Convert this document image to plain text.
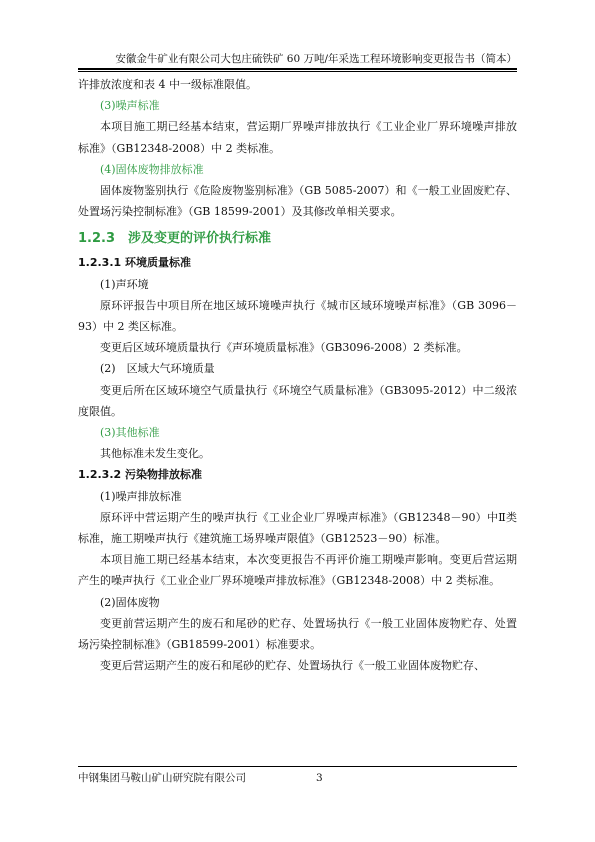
安徽金牛矿业有限公司大包庄硫铁矿 60 万吨/年采选工程环境影响变更报告书（简本）

许排放浓度和表 4 中一级标准限值。

(3)噪声标准

本项目施工期已经基本结束，营运期厂界噪声排放执行《工业企业厂界环境噪声排放标准》（GB12348-2008）中 2 类标准。

(4)固体废物排放标准

固体废物鉴别执行《危险废物鉴别标准》（GB 5085-2007）和《一般工业固废贮存、处置场污染控制标准》（GB 18599-2001）及其修改单相关要求。

1.2.3　涉及变更的评价执行标准
1.2.3.1 环境质量标准

(1)声环境

原环评报告中项目所在地区域环境噪声执行《城市区域环境噪声标准》（GB 3096－93）中 2 类区标准。

变更后区域环境质量执行《声环境质量标准》（GB3096-2008）2 类标准。

(2)　区域大气环境质量

变更后所在区域环境空气质量执行《环境空气质量标准》（GB3095-2012）中二级浓度限值。

(3)其他标准

其他标准未发生变化。

1.2.3.2 污染物排放标准

(1)噪声排放标准

原环评中营运期产生的噪声执行《工业企业厂界噪声标准》（GB12348－90）中Ⅱ类标准，施工期噪声执行《建筑施工场界噪声限值》（GB12523－90）标准。

本项目施工期已经基本结束，本次变更报告不再评价施工期噪声影响。变更后营运期产生的噪声执行《工业企业厂界环境噪声排放标准》（GB12348-2008）中 2 类标准。

(2)固体废物

变更前营运期产生的废石和尾砂的贮存、处置场执行《一般工业固体废物贮存、处置场污染控制标准》（GB18599-2001）标准要求。

变更后营运期产生的废石和尾砂的贮存、处置场执行《一般工业固体废物贮存、

中钢集团马鞍山矿山研究院有限公司	3
